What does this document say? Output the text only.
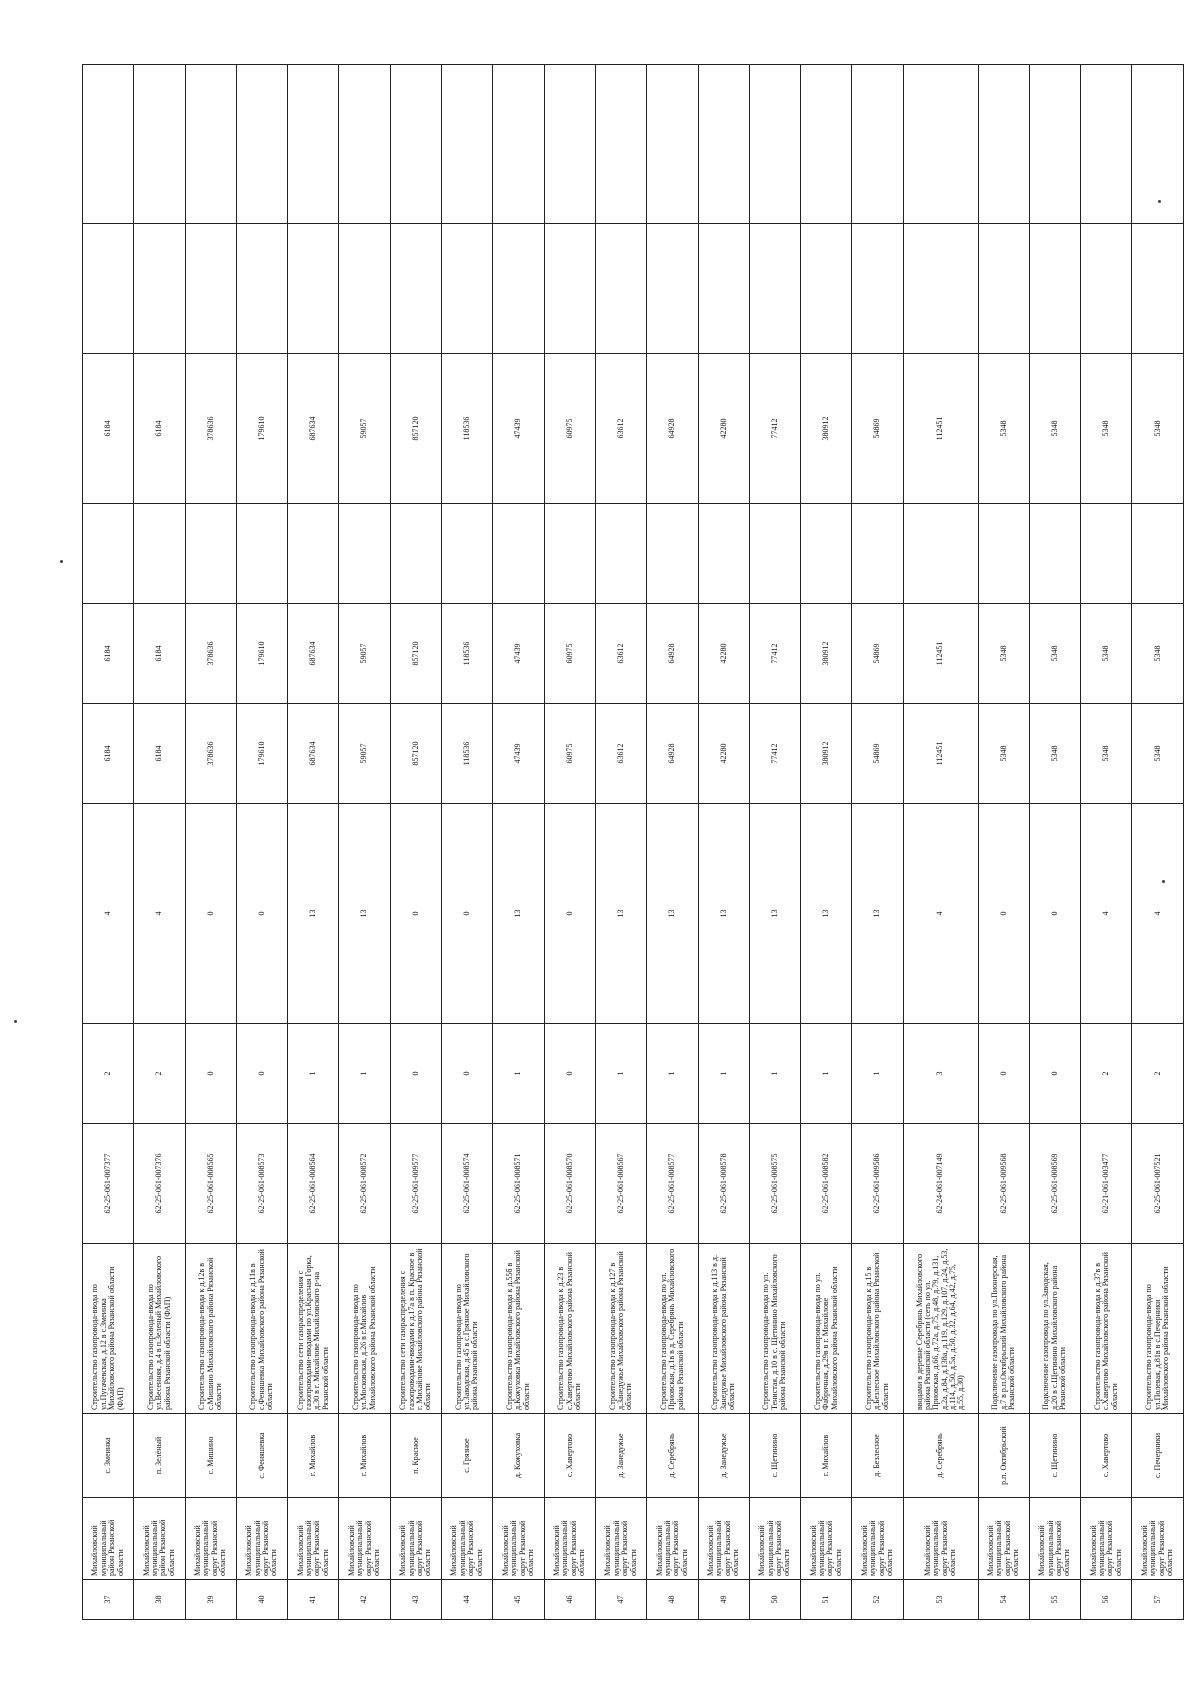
37	Михайловский муниципальный район Рязанской области	с. Змеинка	Строительство газопровода-ввода по ул.Пугачевская, д.12 в с.Змеинка Михайловского района Рязанской области (ФАП)	62-25-061-007377	2	4	6184	6184		6184		
38	Михайловский муниципальный район Рязанской области	п. Зелёный	Строительство газопровода-ввода по ул.Весенняя, д.4 в п.Зеленый Михайловского района Рязанской области (ФАП)	62-25-061-007376	2	4	6184	6184		6184		
39	Михайловский муниципальный округ Рязанской области	с. Мишино	Строительство газопровода-ввода к д.12в в с.Мишино Михайловского района Рязанской области	62-25-061-008565	0	0	378636	378636		378636		
40	Михайловский муниципальный округ Рязанской области	с. Феняшевка	Строительство газопровода-ввода к д.11в в с.Феняшевка Михайловского района Рязанской области	62-25-061-008573	0	0	179610	179610		179610		
41	Михайловский муниципальный округ Рязанской области	г. Михайлов	Строительство сети газораспределения с газопроводами-вводами по ул.Красная Горка, д.30 в г. Михайлове Михайловского р-на Рязанской области	62-25-061-008564	1	13	687634	687634		687634		
42	Михайловский муниципальный округ Рязанской области	г. Михайлов	Строительство газопровода-ввода по ул.Московская, д.26 в г.Михайлов Михайловского района Рязанской области	62-25-061-008572	1	13	59057	59057		59057		
43	Михайловский муниципальный округ Рязанской области	п. Красное	Строительство сети газораспределения с газопроводами-вводами к д.17а в п. Красное в г. Михайлове Михайловского района Рязанской области	62-25-061-009577	0	0	857120	857120		857120		
44	Михайловский муниципальный округ Рязанской области	с. Грязное	Строительство газопровода-ввода по ул.Заводская, д.45 в с.Грязное Михайловского района Рязанской области	62-25-061-008574	0	0	118536	118536		118536		
45	Михайловский муниципальный округ Рязанской области	д. Кожуховка	Строительство газопровода-ввода к д.55б в д.Кожуховка Михайловского района Рязанской области	62-25-061-008571	1	13	47439	47439		47439		
46	Михайловский муниципальный округ Рязанской области	с. Хавертово	Строительство газопровода-ввода к д.23 в с.Хавертово Михайловского района Рязанской области	62-25-061-008570	0	0	60975	60975		60975		
47	Михайловский муниципальный округ Рязанской области	д. Занедужье	Строительство газопровода-ввода к д.127 в д.Занедужье Михайловского района Рязанской области	62-25-061-008567	1	13	63612	63612		63612		
48	Михайловский муниципальный округ Рязанской области	д. Серебрянь	Строительство газопровода-ввода по ул. Приовская, д.1в в д. Серебрянь Михайловского района Рязанской области	62-25-061-008577	1	13	64928	64928		64928		
49	Михайловский муниципальный округ Рязанской области	д. Занедужье	Строительство газопровода-ввода к д.113 в д. Занедужье Михайловского района Рязанской области	62-25-061-008578	1	13	42280	42280		42280		
50	Михайловский муниципальный округ Рязанской области	с. Щетинино	Строительство газопровода-ввода по ул. Тенистая, д.10 в с. Щетинино Михайловского района Рязанской области	62-25-061-008575	1	13	77412	77412		77412		
51	Михайловский муниципальный округ Рязанской области	г. Михайлов	Строительство газопровода-ввода по ул. Фабричная, д.29в в г. Михайлове Михайловского района Рязанской области	62-25-061-008582	1	13	380912	380912		380912		
52	Михайловский муниципальный округ Рязанской области	д. Безлесное	Строительство газопровода-ввода к д.15 в д.Безлесное Михайловского района Рязанской области	62-25-061-009586	1	13	54869	54869		54869		
53	Михайловский муниципальный округ Рязанской области	д. Серебрянь	вводами в деревне Серебрянь Михайловского района Рязанской области (сеть по ул. Приовская, д.66, д.72а, д.75, д.48, д.79, д.131, д.2а, д.84, д.138а, д.119, д.129, д.107, д.24, д.53, д.114, д.50, д.5а, д.50, д.32, д.64, д.42, д.75, д.55, д.30)	62-24-061-007149	3	4	112451	112451		112451		
54	Михайловский муниципальный округ Рязанской области	р.п. Октябрьский	Подключение газопровода по ул.Пионерская, д.7 в р.п.Октябрьский Михайловского района Рязанской области	62-25-061-009568	0	0	5348	5348		5348		
55	Михайловский муниципальный округ Рязанской области	с. Щетинино	Подключение газопровода по ул.Заводская, д.20 в с.Щетинино Михайловского района Рязанской области	62-25-061-008569	0	0	5348	5348		5348		
56	Михайловский муниципальный округ Рязанской области	с. Хавертово	Строительство газопровода-ввода к д.37в в с.Хавертово Михайловского района Рязанской области	62-21-061-003477	2	4	5348	5348		5348		
57	Михайловский муниципальный округ Рязанской области	с. Печерники	Строительство газопровода-ввода по ул.Полевая, д.81в в с.Печерники Михайловского района Рязанской области	62-25-061-007521	2	4	5348	5348		5348		
